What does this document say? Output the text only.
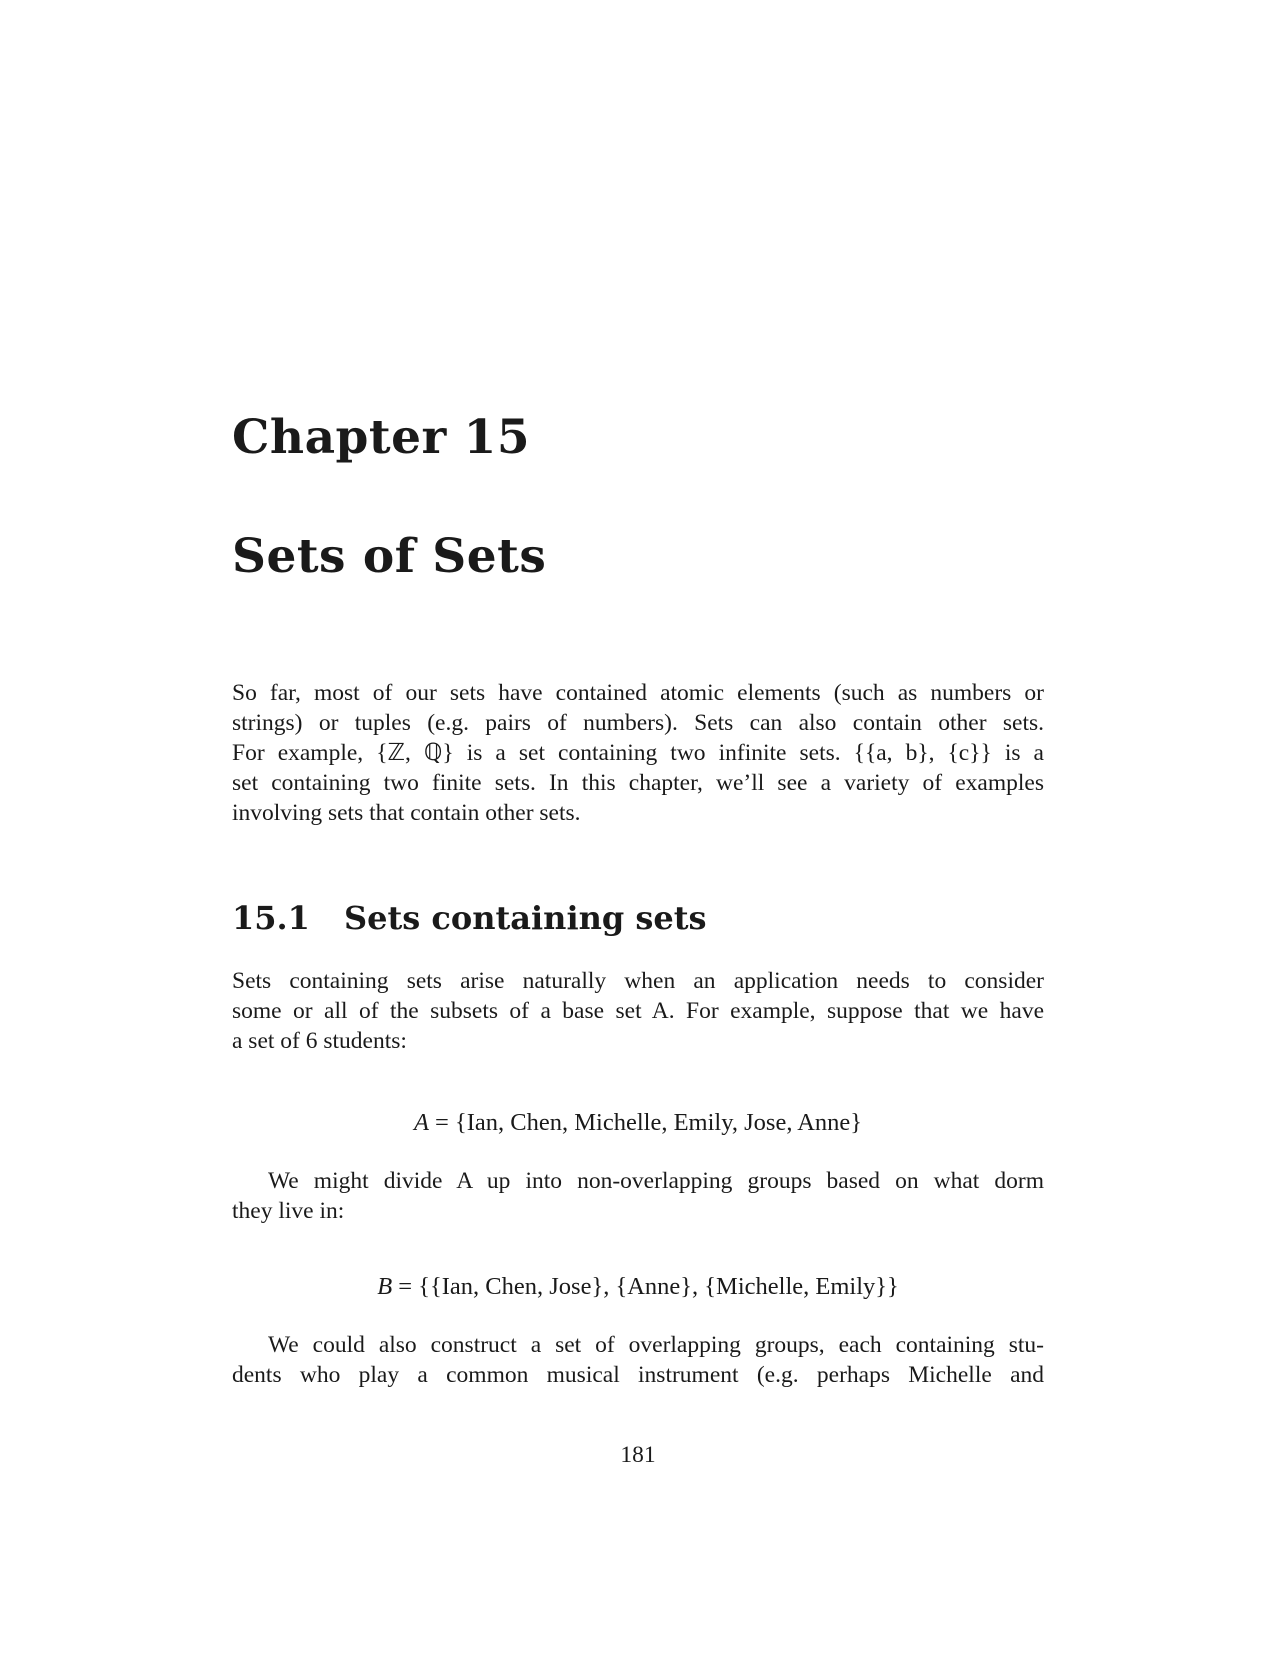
Chapter 15
Sets of Sets

So far, most of our sets have contained atomic elements (such as numbers or
strings) or tuples (e.g. pairs of numbers). Sets can also contain other sets.
For example, {ℤ, ℚ} is a set containing two infinite sets. {{a, b}, {c}} is a
set containing two finite sets. In this chapter, we’ll see a variety of examples
involving sets that contain other sets.

15.1 Sets containing sets

Sets containing sets arise naturally when an application needs to consider
some or all of the subsets of a base set A. For example, suppose that we have
a set of 6 students:

A = {Ian, Chen, Michelle, Emily, Jose, Anne}

We might divide A up into non-overlapping groups based on what dorm
they live in:

B = {{Ian, Chen, Jose}, {Anne}, {Michelle, Emily}}

We could also construct a set of overlapping groups, each containing stu-
dents who play a common musical instrument (e.g. perhaps Michelle and

181
